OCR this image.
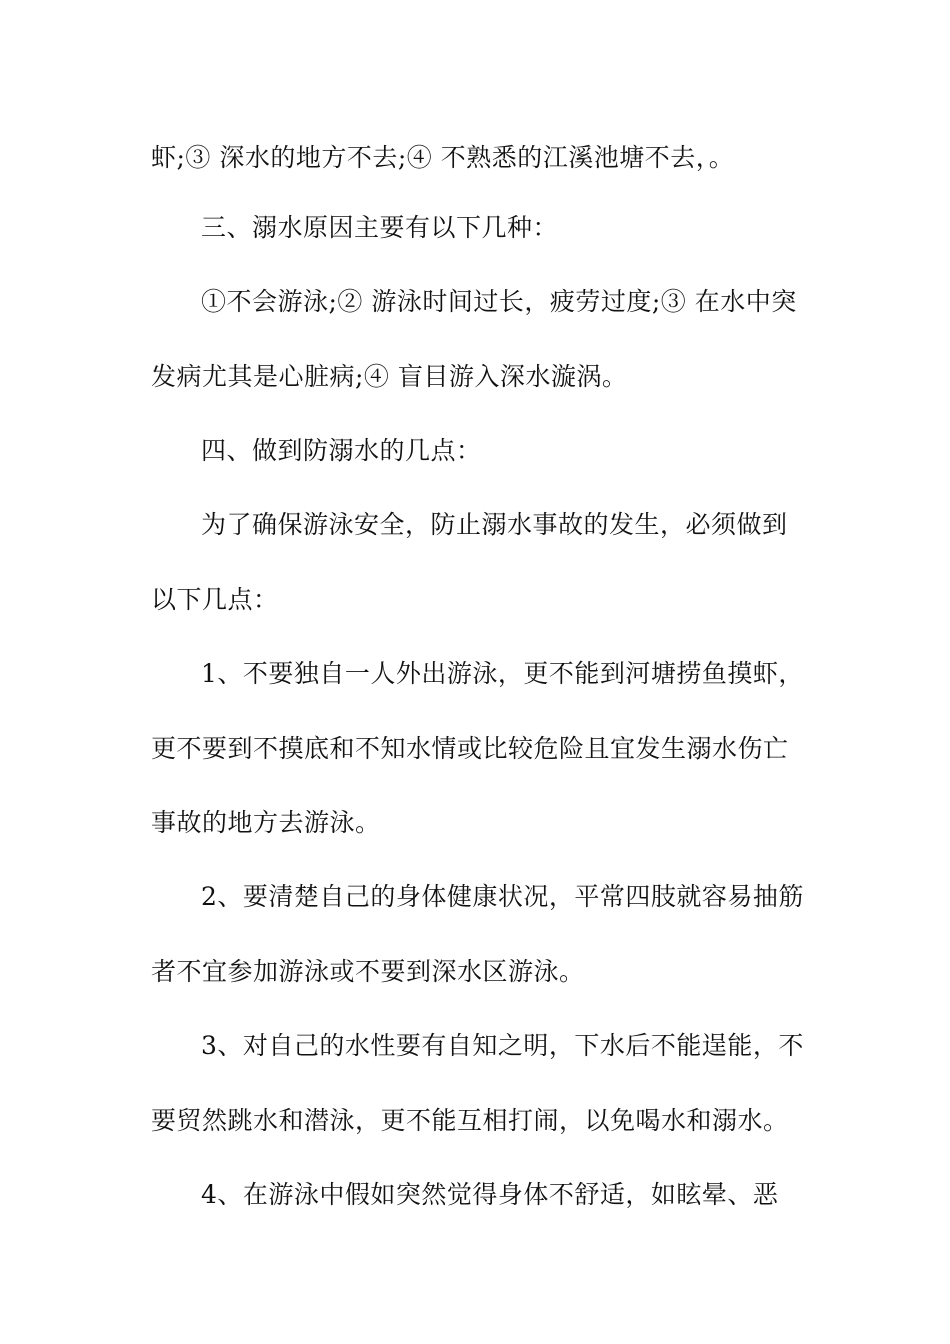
虾;③ 深水的地方不去;④ 不熟悉的江溪池塘不去，。
三、溺水原因主要有以下几种：
①不会游泳;② 游泳时间过长，疲劳过度;③ 在水中突
发病尤其是心脏病;④ 盲目游入深水漩涡。
四、做到防溺水的几点：
为了确保游泳安全，防止溺水事故的发生，必须做到
以下几点：
1、不要独自一人外出游泳，更不能到河塘捞鱼摸虾，
更不要到不摸底和不知水情或比较危险且宜发生溺水伤亡
事故的地方去游泳。
2、要清楚自己的身体健康状况，平常四肢就容易抽筋
者不宜参加游泳或不要到深水区游泳。
3、对自己的水性要有自知之明，下水后不能逞能，不
要贸然跳水和潜泳，更不能互相打闹，以免喝水和溺水。
4、在游泳中假如突然觉得身体不舒适，如眩晕、恶
